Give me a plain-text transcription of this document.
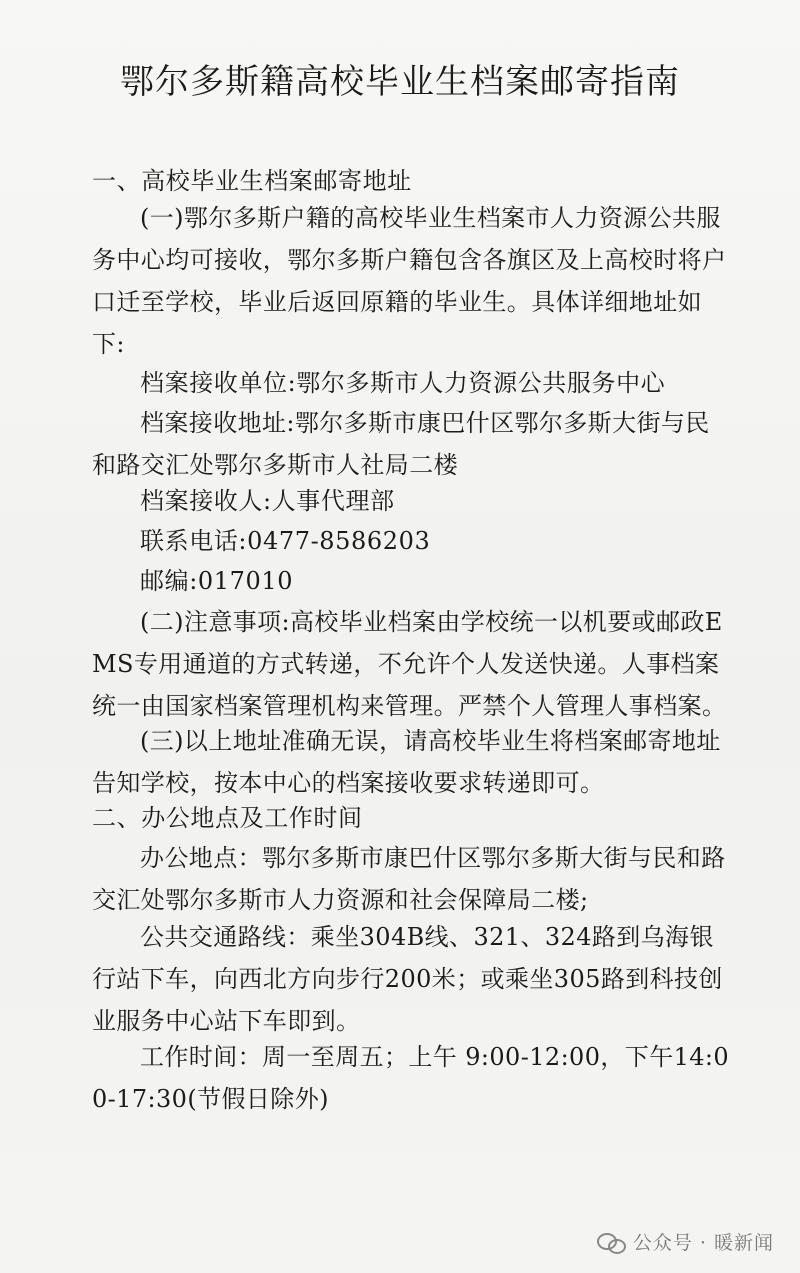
鄂尔多斯籍高校毕业生档案邮寄指南
一、高校毕业生档案邮寄地址
(一)鄂尔多斯户籍的高校毕业生档案市人力资源公共服务中心均可接收，鄂尔多斯户籍包含各旗区及上高校时将户口迁至学校，毕业后返回原籍的毕业生。具体详细地址如下:
档案接收单位:鄂尔多斯市人力资源公共服务中心
档案接收地址:鄂尔多斯市康巴什区鄂尔多斯大街与民和路交汇处鄂尔多斯市人社局二楼
档案接收人:人事代理部
联系电话:0477-8586203
邮编:017010
(二)注意事项:高校毕业档案由学校统一以机要或邮政EMS专用通道的方式转递，不允许个人发送快递。人事档案统一由国家档案管理机构来管理。严禁个人管理人事档案。
(三)以上地址准确无误，请高校毕业生将档案邮寄地址告知学校，按本中心的档案接收要求转递即可。
二、办公地点及工作时间
办公地点：鄂尔多斯市康巴什区鄂尔多斯大街与民和路交汇处鄂尔多斯市人力资源和社会保障局二楼;
公共交通路线：乘坐304B线、321、324路到乌海银行站下车，向西北方向步行200米；或乘坐305路到科技创业服务中心站下车即到。
工作时间：周一至周五；上午 9:00-12:00，下午14:00-17:30(节假日除外)
公众号 · 暖新闻
